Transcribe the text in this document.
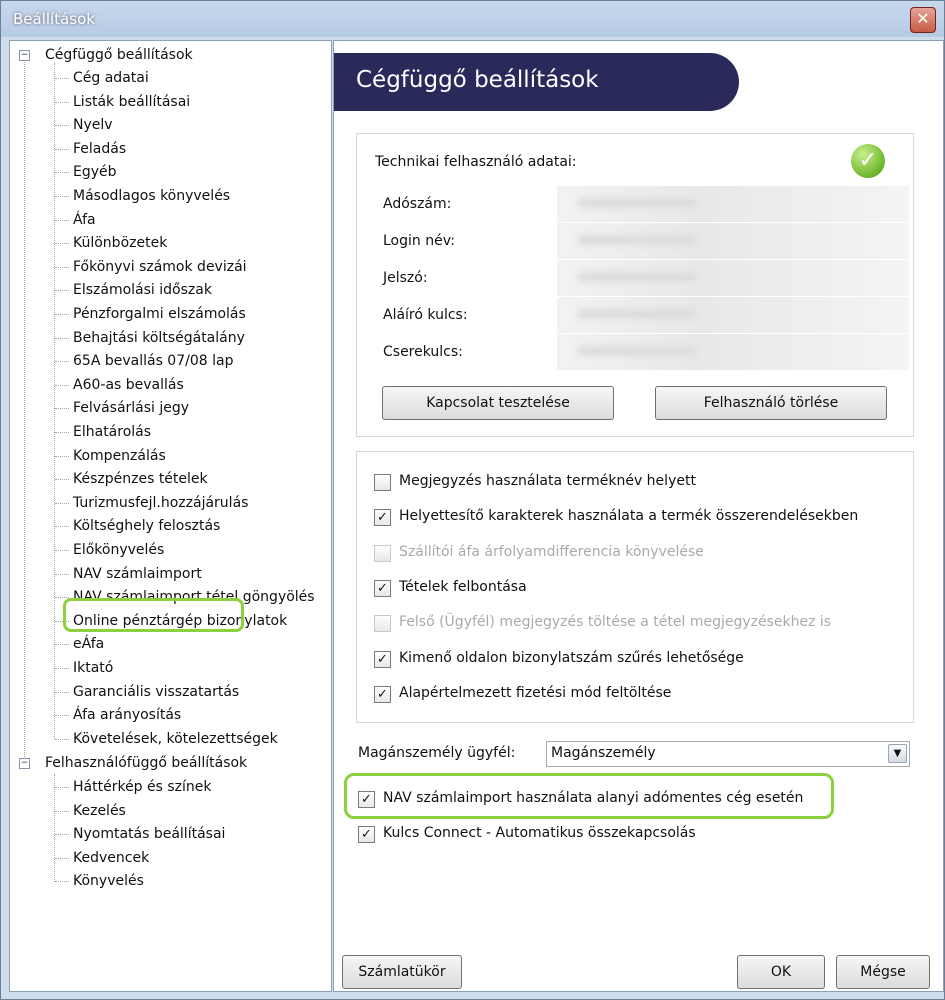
Beállítások	✕
− Cégfüggő beállítások
− Felhasználófüggő beállítások
Cég adatai
Listák beállításai
Nyelv
Feladás
Egyéb
Másodlagos könyvelés
Áfa
Különbözetek
Főkönyvi számok devizái
Elszámolási időszak
Pénzforgalmi elszámolás
Behajtási költségátalány
65A bevallás 07/08 lap
A60-as bevallás
Felvásárlási jegy
Elhatárolás
Kompenzálás
Készpénzes tételek
Turizmusfejl.hozzájárulás
Költséghely felosztás
Előkönyvelés
NAV számlaimport
NAV számlaimport tétel göngyölés
Online pénztárgép bizonylatok
eÁfa
Iktató
Garanciális visszatartás
Áfa arányosítás
Követelések, kötelezettségek
Háttérkép és színek
Kezelés
Nyomtatás beállításai
Kedvencek
Könyvelés
Cégfüggő beállítások
Technikai felhasználó adatai:	✓
Adószám:
Login név:
Jelszó:
Aláíró kulcs:
Cserekulcs:
Kapcsolat tesztelése	Felhasználó törlése
Megjegyzés használata terméknév helyett
✓ Helyettesítő karakterek használata a termék összerendelésekben
Szállítói áfa árfolyamdifferencia könyvelése
✓ Tételek felbontása
Felső (Ügyfél) megjegyzés töltése a tétel megjegyzésekhez is
✓ Kimenő oldalon bizonylatszám szűrés lehetősége
✓ Alapértelmezett fizetési mód feltöltése
Magánszemély ügyfél:	Magánszemély	▼
✓ NAV számlaimport használata alanyi adómentes cég esetén
✓ Kulcs Connect - Automatikus összekapcsolás
Számlatükör	OK	Mégse
